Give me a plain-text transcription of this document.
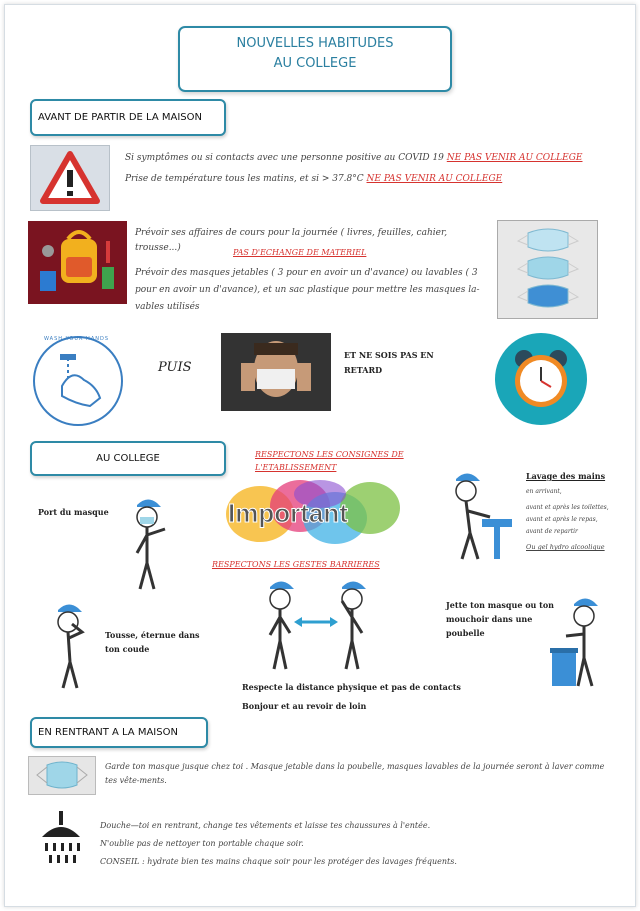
NOUVELLES HABITUDES
AU COLLEGE
AVANT DE PARTIR DE LA MAISON
Si symptômes ou si contacts avec une personne positive au COVID 19 NE PAS VENIR AU COLLEGE
Prise de température tous les matins, et si > 37.8°C NE PAS VENIR AU COLLEGE
Prévoir ses affaires de cours pour la journée ( livres, feuilles, cahier, trousse...)	PAS D'ECHANGE DE MATERIEL
Prévoir des masques jetables ( 3 pour en avoir un d'avance) ou lavables ( 3 pour en avoir un d'avance), et un sac plastique pour mettre les masques la-vables utilisés
WASH YOUR HANDS
PUIS
ET NE SOIS PAS EN RETARD
AU COLLEGE	RESPECTONS LES CONSIGNES DE L'ETABLISSEMENT
Important
RESPECTONS LES GESTES BARRIERES
Port du masque
Lavage des mains
en arrivant,
avant et après les toilettes,
avant et après le repas,
avant de repartir
Ou gel hydro alcoolique
Tousse, éternue dans ton coude
Respecte la distance physique et pas de contacts
Bonjour et au revoir de loin
Jette ton masque ou ton mouchoir dans une poubelle
EN RENTRANT A LA MAISON
Garde ton masque jusque chez toi . Masque jetable dans la poubelle, masques lavables de la journée seront à laver comme tes vête-ments.
Douche—toi en rentrant, change tes vêtements et laisse tes chaussures à l'entée.
N'oublie pas de nettoyer ton portable chaque soir.
CONSEIL : hydrate bien tes mains chaque soir pour les protéger des lavages fréquents.
